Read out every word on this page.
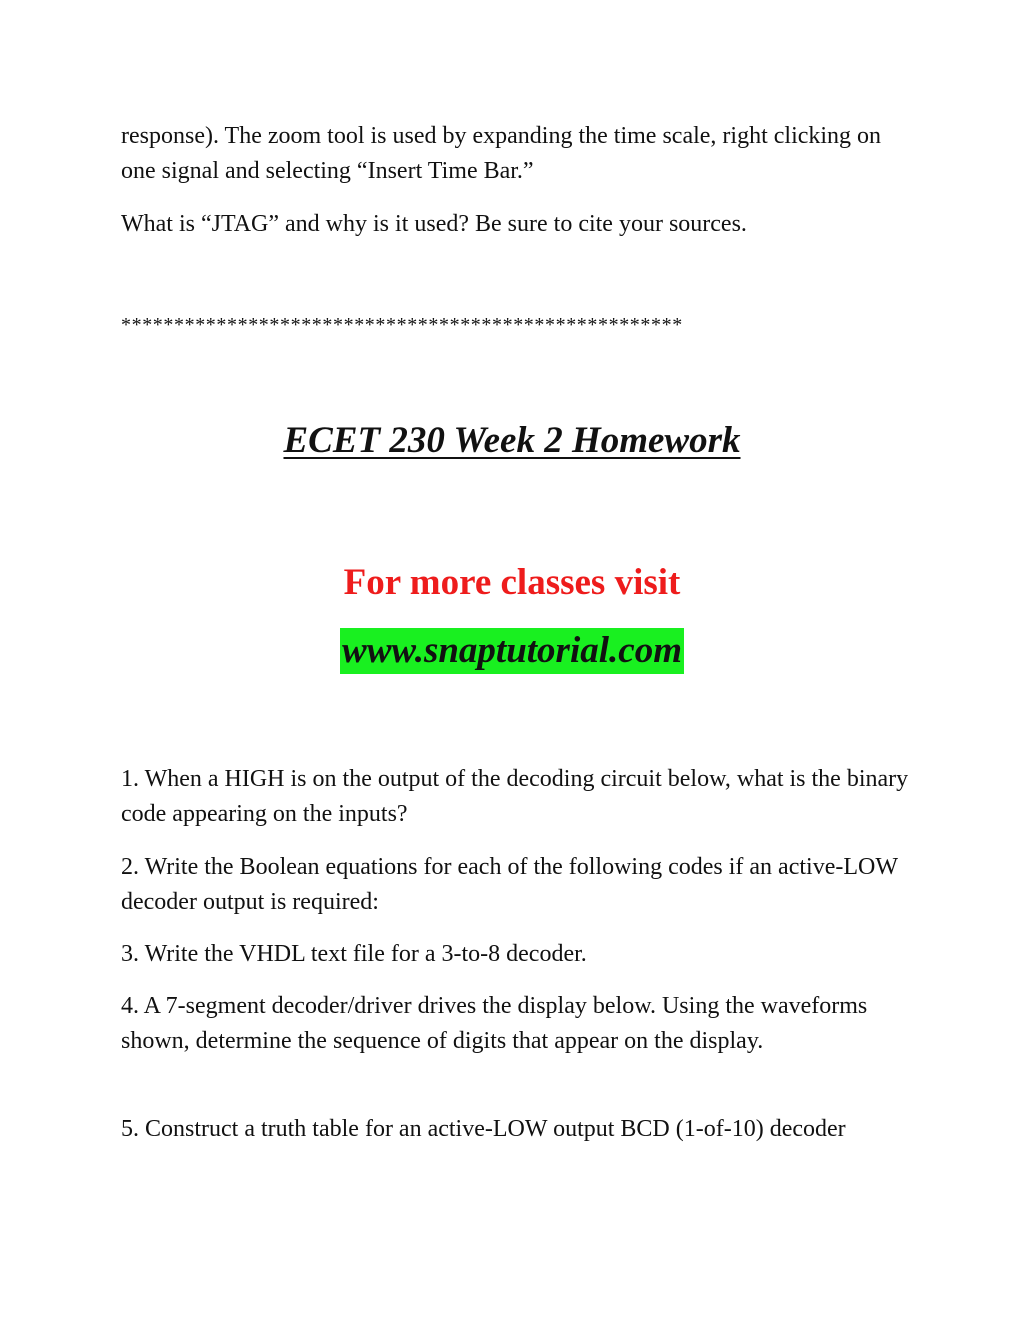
response). The zoom tool is used by expanding the time scale, right clicking on one signal and selecting “Insert Time Bar.”

What is “JTAG” and why is it used? Be sure to cite your sources.

*****************************************************
ECET 230 Week 2 Homework
For more classes visit
www.snaptutorial.com

1. When a HIGH is on the output of the decoding circuit below, what is the binary code appearing on the inputs?

2. Write the Boolean equations for each of the following codes if an active-LOW decoder output is required:

3. Write the VHDL text file for a 3-to-8 decoder.

4. A 7-segment decoder/driver drives the display below. Using the waveforms shown, determine the sequence of digits that appear on the display.

5. Construct a truth table for an active-LOW output BCD (1-of-10) decoder
